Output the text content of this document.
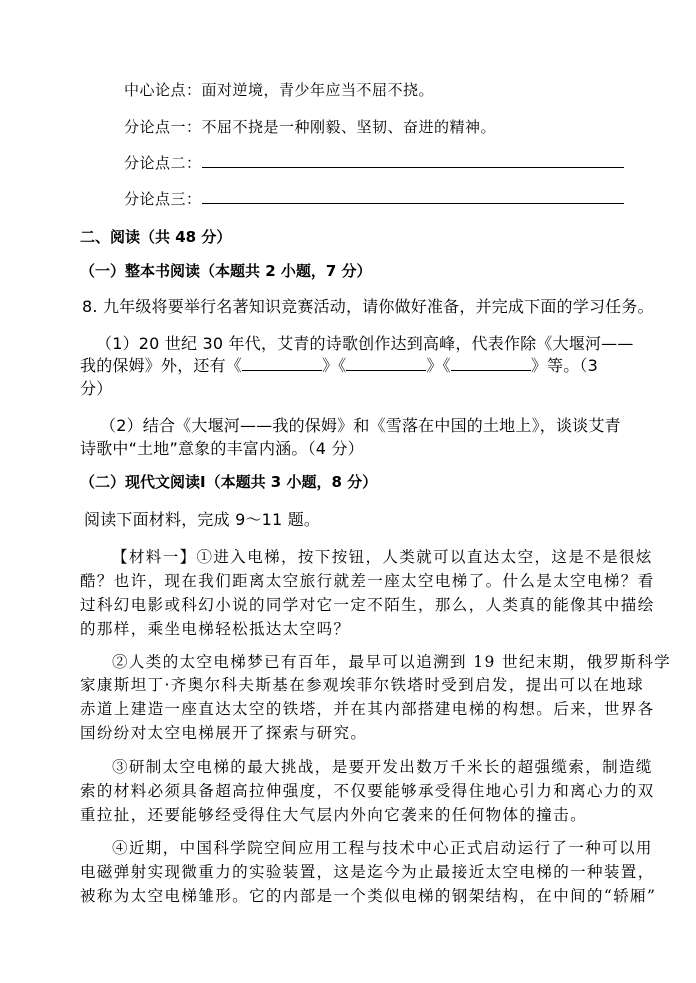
中心论点：面对逆境，青少年应当不屈不挠。
分论点一：不屈不挠是一种刚毅、坚韧、奋进的精神。
分论点二：
分论点三：
二、阅读（共 48 分）
（一）整本书阅读（本题共 2 小题，7 分）
8. 九年级将要举行名著知识竞赛活动，请你做好准备，并完成下面的学习任务。
（1）20 世纪 30 年代，艾青的诗歌创作达到高峰，代表作除《大堰河——
我的保姆》外，还有《	》《	》《	》等。（3
分）
（2）结合《大堰河——我的保姆》和《雪落在中国的土地上》，谈谈艾青
诗歌中“土地”意象的丰富内涵。（4 分）
（二）现代文阅读Ⅰ（本题共 3 小题，8 分）
阅读下面材料，完成 9～11 题。
【材料一】①进入电梯，按下按钮，人类就可以直达太空，这是不是很炫
酷？也许，现在我们距离太空旅行就差一座太空电梯了。什么是太空电梯？看
过科幻电影或科幻小说的同学对它一定不陌生，那么，人类真的能像其中描绘
的那样，乘坐电梯轻松抵达太空吗？
②人类的太空电梯梦已有百年，最早可以追溯到 19 世纪末期，俄罗斯科学
家康斯坦丁·齐奥尔科夫斯基在参观埃菲尔铁塔时受到启发，提出可以在地球
赤道上建造一座直达太空的铁塔，并在其内部搭建电梯的构想。后来，世界各
国纷纷对太空电梯展开了探索与研究。
③研制太空电梯的最大挑战，是要开发出数万千米长的超强缆索，制造缆
索的材料必须具备超高拉伸强度，不仅要能够承受得住地心引力和离心力的双
重拉扯，还要能够经受得住大气层内外向它袭来的任何物体的撞击。
④近期，中国科学院空间应用工程与技术中心正式启动运行了一种可以用
电磁弹射实现微重力的实验装置，这是迄今为止最接近太空电梯的一种装置，
被称为太空电梯雏形。它的内部是一个类似电梯的钢架结构，在中间的“轿厢”
